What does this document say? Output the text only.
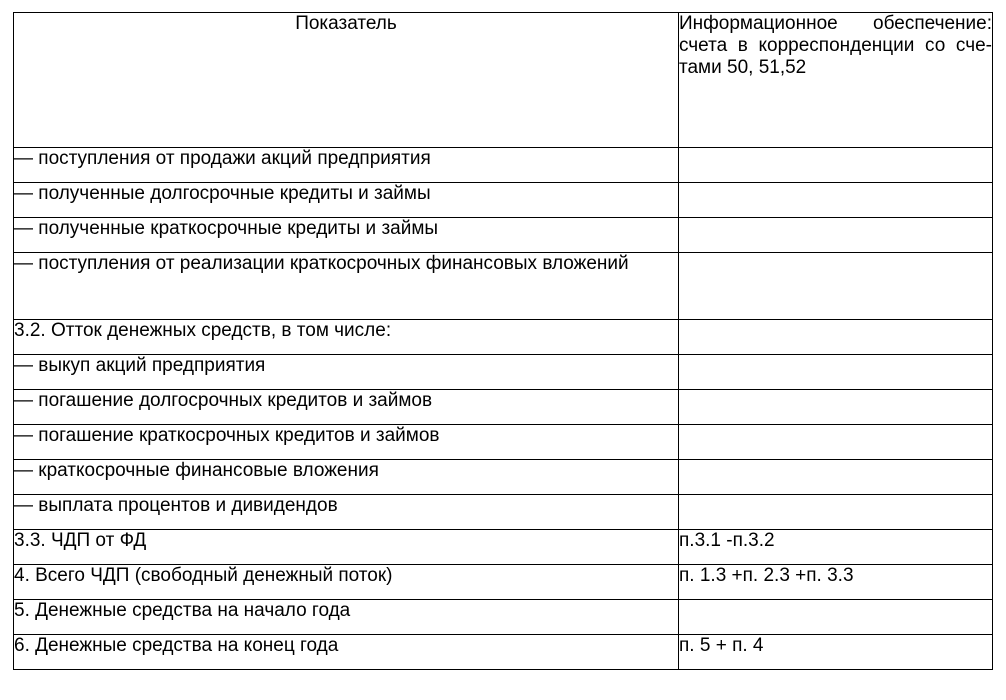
Показатель	Информационное обеспечение: счета в корреспонденции со счетами 50, 51,52
— поступления от продажи акций предприятия	
— полученные долгосрочные кредиты и займы	
— полученные краткосрочные кредиты и займы	
— поступления от реализации краткосрочных финансовых вложений	
3.2. Отток денежных средств, в том числе:	
— выкуп акций предприятия	
— погашение долгосрочных кредитов и займов	
— погашение краткосрочных кредитов и займов	
— краткосрочные финансовые вложения	
— выплата процентов и дивидендов	
3.3. ЧДП от ФД	п.3.1 -п.3.2
4. Всего ЧДП (свободный денежный поток)	п. 1.3 +п. 2.3 +п. 3.3
5. Денежные средства на начало года	
6. Денежные средства на конец года	п. 5 + п. 4
